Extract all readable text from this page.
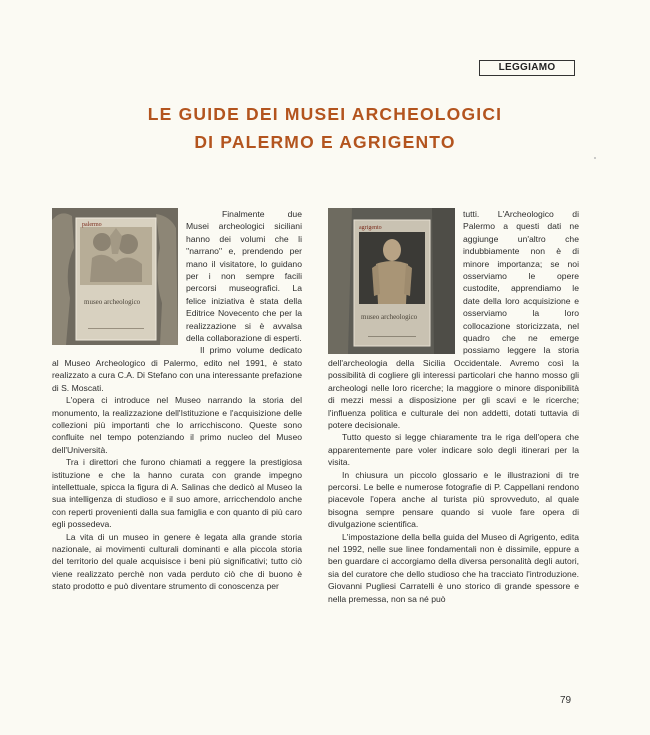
LEGGIAMO
LE GUIDE DEI MUSEI ARCHEOLOGICI
DI PALERMO E AGRIGENTO
palermo
museo archeologico

Finalmente due Musei archeologici siciliani hanno dei volumi che li ''narrano'' e, prendendo per mano il visitatore, lo guidano per i non sempre facili percorsi museografici. La felice iniziativa è stata della Editrice Novecento che per la realizzazione si è avvalsa della collaborazione di esperti.

Il primo volume dedicato al Museo Archeologico di Palermo, edito nel 1991, è stato realizzato a cura C.A. Di Stefano con una interessante prefazione di S. Moscati.

L'opera ci introduce nel Museo narrando la storia del monumento, la realizzazione dell'Istituzione e l'acquisizione delle collezioni più importanti che lo arricchiscono. Queste sono confluite nel tempo potenziando il primo nucleo del Museo dell'Università.

Tra i direttori che furono chiamati a reggere la prestigiosa istituzione e che la hanno curata con grande impegno intellettuale, spicca la figura di A. Salinas che dedicò al Museo la sua intelligenza di studioso e il suo amore, arricchendolo anche con reperti provenienti dalla sua famiglia e con quanto di più caro egli possedeva.

La vita di un museo in genere è legata alla grande storia nazionale, ai movimenti culturali dominanti e alla piccola storia del territorio del quale acquisisce i beni più significativi; tutto ciò viene realizzato perchè non vada perduto ciò che di buono è stato prodotto e può diventare strumento di conoscenza per

agrigento
museo archeologico

tutti. L'Archeologico di Palermo a questi dati ne aggiunge un'altro che indubbiamente non è di minore importanza; se noi osserviamo le opere custodite, apprendiamo le date della loro acquisizione e osserviamo la loro collocazione storicizzata, nel quadro che ne emerge possiamo leggere la storia dell'archeologia della Sicilia Occidentale. Avremo così la possibilità di cogliere gli interessi particolari che hanno mosso gli archeologi nelle loro ricerche; la maggiore o minore disponibilità di mezzi messi a disposizione per gli scavi e le ricerche; l'influenza politica e culturale dei non addetti, dotati tuttavia di potere decisionale.

Tutto questo si legge chiaramente tra le riga dell'opera che apparentemente pare voler indicare solo degli itinerari per la visita.

In chiusura un piccolo glossario e le illustrazioni di tre percorsi. Le belle e numerose fotografie di P. Cappellani rendono piacevole l'opera anche al turista più sprovveduto, al quale bisogna sempre pensare quando si vuole fare opera di divulgazione scientifica.

L'impostazione della bella guida del Museo di Agrigento, edita nel 1992, nelle sue linee fondamentali non è dissimile, eppure a ben guardare ci accorgiamo della diversa personalità degli autori, sia del curatore che dello studioso che ha tracciato l'introduzione. Giovanni Pugliesi Carratelli è uno storico di grande spessore e nella premessa, non sa né può

79
